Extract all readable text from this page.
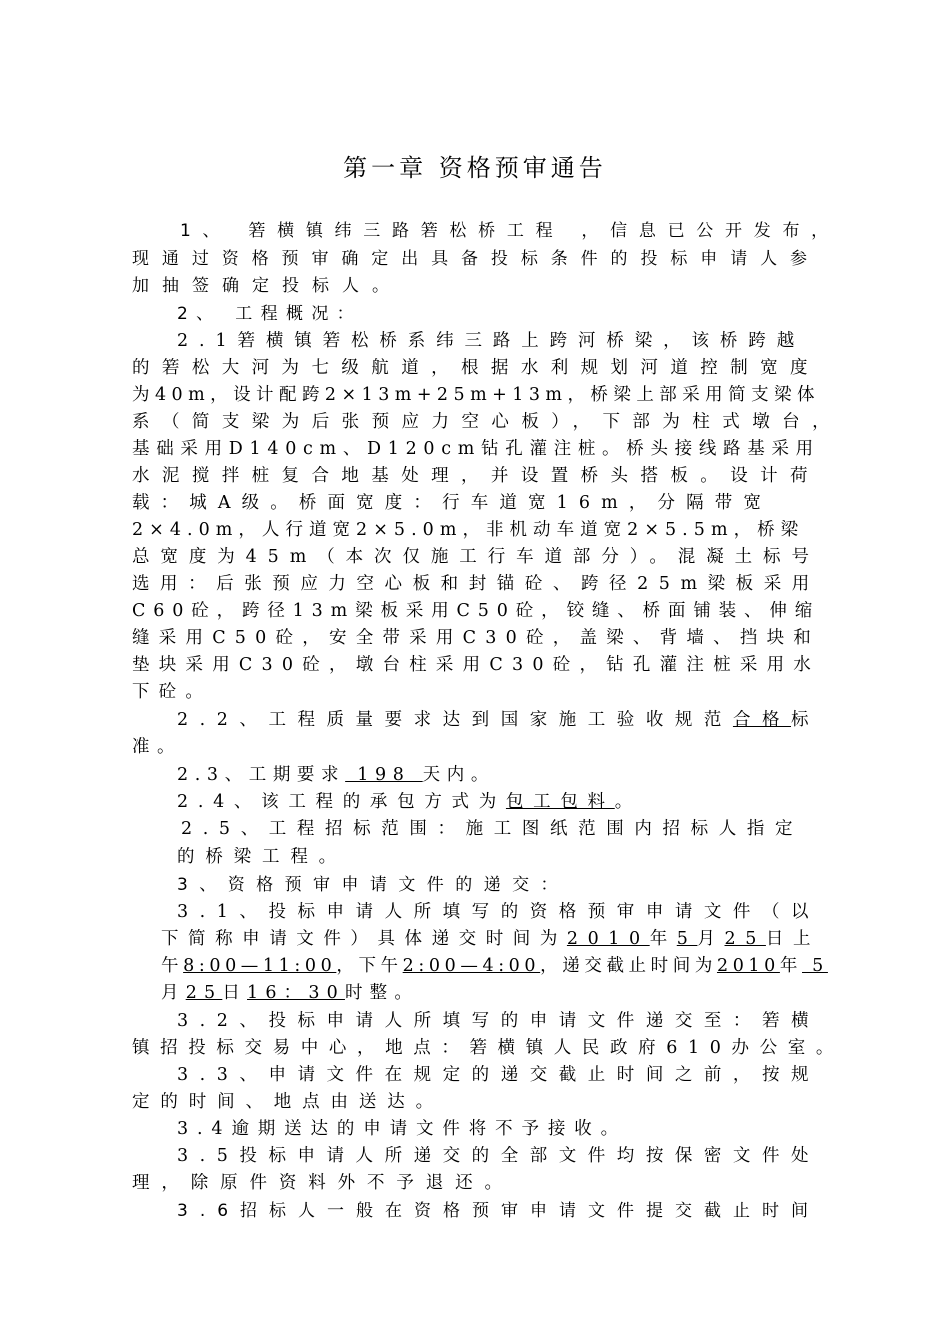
第一章 资格预审通告
1、 箬横镇纬三路箬松桥工程 ，信息已公开发布，
现通过资格预审确定出具备投标条件的投标申请人参
加抽签确定投标人。
2、 工程概况：
2.1箬横镇箬松桥系纬三路上跨河桥梁，该桥跨越
的箬松大河为七级航道，根据水利规划河道控制宽度
为40m，设计配跨2×13m+25m+13m，桥梁上部采用简支梁体
系（简支梁为后张预应力空心板），下部为柱式墩台，
基础采用D140cm、D120cm钻孔灌注桩。桥头接线路基采用
水泥搅拌桩复合地基处理，并设置桥头搭板。设计荷
载：城A级。桥面宽度：行车道宽16m，分隔带宽
2×4.0m，人行道宽2×5.0m，非机动车道宽2×5.5m，桥梁
总宽度为45m（本次仅施工行车道部分）。混凝土标号
选用：后张预应力空心板和封锚砼、跨径25m梁板采用
C60砼，跨径13m梁板采用C50砼，铰缝、桥面铺装、伸缩
缝采用C50砼，安全带采用C30砼，盖梁、背墙、挡块和
垫块采用C30砼，墩台柱采用C30砼，钻孔灌注桩采用水
下砼。
2.2、工程质量要求达到国家施工验收规范合格标
准。
2.3、工期要求 198 天内。
2.4、该工程的承包方式为包工包料。
2.5、工程招标范围：施工图纸范围内招标人指定
的桥梁工程。
3、资格预审申请文件的递交：
3.1、投标申请人所填写的资格预审申请文件（以
下简称申请文件）具体递交时间为2010年5月25日上
午8:00—11:00，下午2:00—4:00，递交截止时间为2010年 5
月25日16：30时整。
3.2、投标申请人所填写的申请文件递交至：箬横
镇招投标交易中心，地点：箬横镇人民政府610办公室。
3.3、申请文件在规定的递交截止时间之前，按规
定的时间、地点由送达。
3.4逾期送达的申请文件将不予接收。
3.5投标申请人所递交的全部文件均按保密文件处
理，除原件资料外不予退还。
3.6招标人一般在资格预审申请文件提交截止时间
